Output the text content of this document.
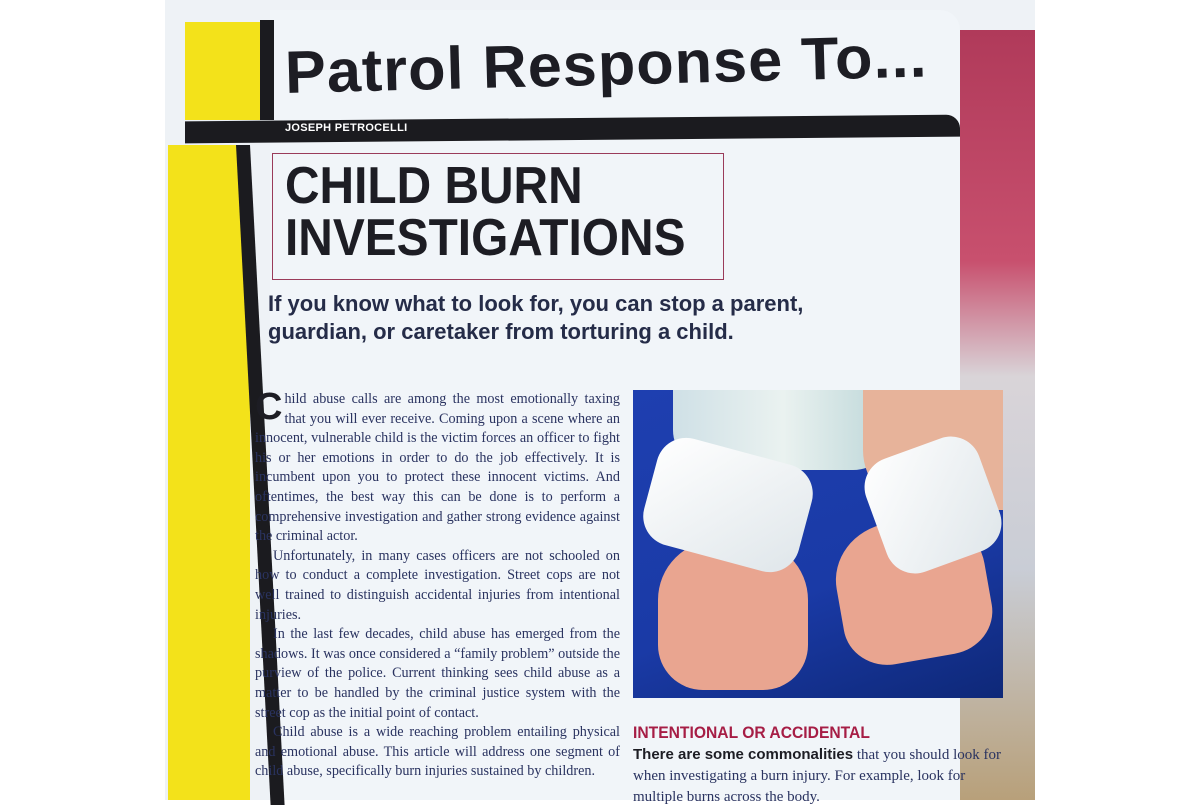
JOSEPH PETROCELLI
Patrol Response To...
CHILD BURN
INVESTIGATIONS
If you know what to look for, you can stop a parent, guardian, or caretaker from torturing a child.

Child abuse calls are among the most emotionally taxing that you will ever receive. Coming upon a scene where an innocent, vulnerable child is the victim forces an officer to fight his or her emotions in order to do the job effectively. It is incumbent upon you to protect these innocent victims. And oftentimes, the best way this can be done is to perform a comprehensive investigation and gather strong evidence against the criminal actor.

Unfortunately, in many cases officers are not schooled on how to conduct a complete investigation. Street cops are not well trained to distinguish accidental injuries from intentional injuries.

In the last few decades, child abuse has emerged from the shadows. It was once considered a “family problem” outside the purview of the police. Current thinking sees child abuse as a matter to be handled by the criminal justice system with the street cop as the initial point of contact.

Child abuse is a wide reaching problem entailing physical and emotional abuse. This article will address one segment of child abuse, specifically burn injuries sustained by children.

INTENTIONAL OR ACCIDENTAL
There are some commonalities that you should look for when investigating a burn injury. For example, look for multiple burns across the body.
